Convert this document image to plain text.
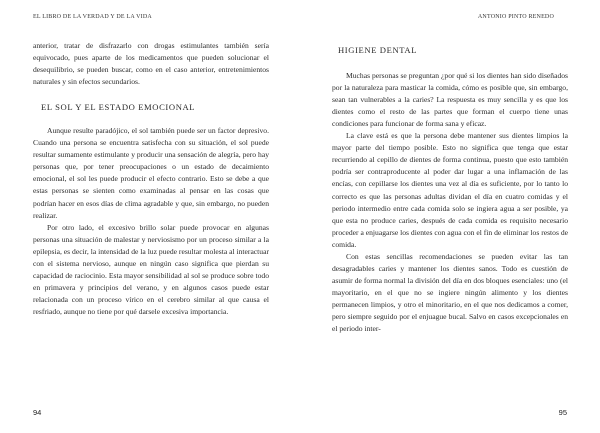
EL LIBRO DE LA VERDAD Y DE LA VIDA

anterior, tratar de disfrazarlo con drogas estimulantes también sería equivocado, pues aparte de los medicamentos que pueden solucionar el desequilibrio, se pueden buscar, como en el caso anterior, entretenimientos naturales y sin efectos secundarios.

EL SOL Y EL ESTADO EMOCIONAL

Aunque resulte paradójico, el sol también puede ser un factor depresivo. Cuando una persona se encuentra satisfecha con su situación, el sol puede resultar sumamente estimulante y producir una sensación de alegría, pero hay personas que, por tener preocupaciones o un estado de decaimiento emocional, el sol les puede producir el efecto contrario. Esto se debe a que estas personas se sienten como examinadas al pensar en las cosas que podrían hacer en esos días de clima agradable y que, sin embargo, no pueden realizar.

Por otro lado, el excesivo brillo solar puede provocar en algunas personas una situación de malestar y nerviosismo por un proceso similar a la epilepsia, es decir, la intensidad de la luz puede resultar molesta al interactuar con el sistema nervioso, aunque en ningún caso significa que pierdan su capacidad de raciocinio. Esta mayor sensibilidad al sol se produce sobre todo en primavera y principios del verano, y en algunos casos puede estar relacionada con un proceso vírico en el cerebro similar al que causa el resfriado, aunque no tiene por qué darsele excesiva importancia.

94
ANTONIO PINTO RENEDO
HIGIENE DENTAL

Muchas personas se preguntan ¿por qué si los dientes han sido diseñados por la naturaleza para masticar la comida, cómo es posible que, sin embargo, sean tan vulnerables a la caries? La respuesta es muy sencilla y es que los dientes como el resto de las partes que forman el cuerpo tiene unas condiciones para funcionar de forma sana y eficaz.

La clave está es que la persona debe mantener sus dientes limpios la mayor parte del tiempo posible. Esto no significa que tenga que estar recurriendo al cepillo de dientes de forma continua, puesto que esto también podría ser contraproducente al poder dar lugar a una inflamación de las encías, con cepillarse los dientes una vez al día es suficiente, por lo tanto lo correcto es que las personas adultas dividan el día en cuatro comidas y el periodo intermedio entre cada comida solo se ingiera agua a ser posible, ya que esta no produce caries, después de cada comida es requisito necesario proceder a enjuagarse los dientes con agua con el fin de eliminar los restos de comida.

Con estas sencillas recomendaciones se pueden evitar las tan desagradables caries y mantener los dientes sanos. Todo es cuestión de asumir de forma normal la división del día en dos bloques esenciales: uno (el mayoritario, en el que no se ingiere ningún alimento y los dientes permanecen limpios, y otro el minoritario, en el que nos dedicamos a comer, pero siempre seguido por el enjuague bucal. Salvo en casos excepcionales en el periodo inter-

95
